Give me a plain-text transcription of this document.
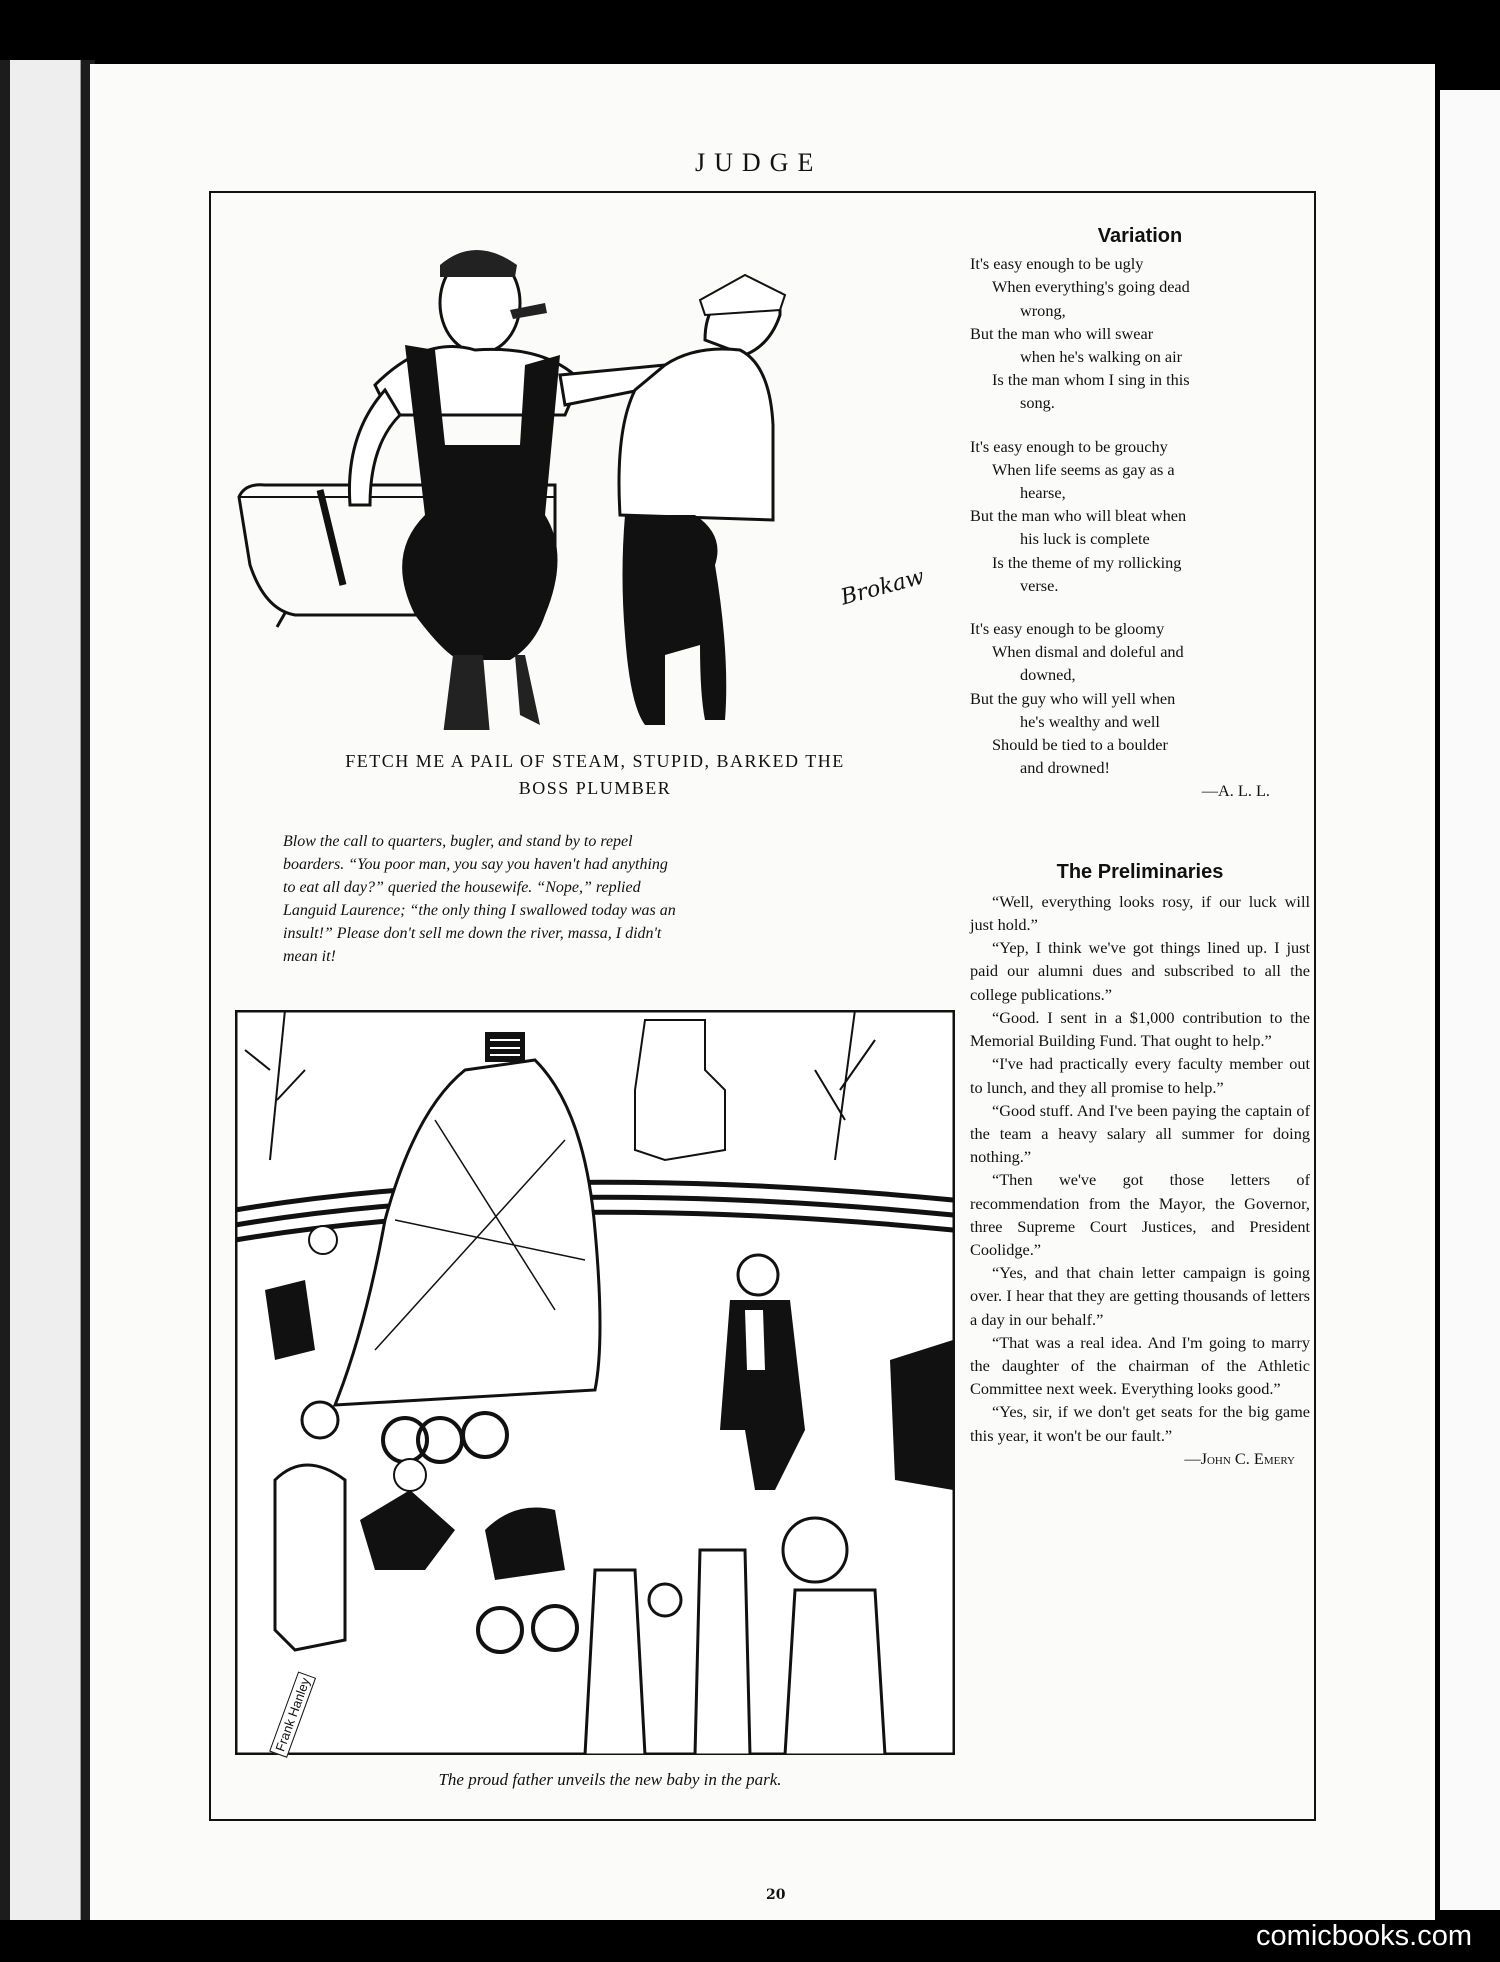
JUDGE
Brokaw
FETCH ME A PAIL OF STEAM, STUPID, BARKED THE
BOSS PLUMBER
Blow the call to quarters, bugler, and stand by to repel
boarders. “You poor man, you say you haven't had anything
to eat all day?” queried the housewife. “Nope,” replied
Languid Laurence; “the only thing I swallowed today was an
insult!” Please don't sell me down the river, massa, I didn't
mean it!
Frank Hanley
The proud father unveils the new baby in the park.
Variation
It's easy enough to be ugly
When everything's going dead
wrong,
But the man who will swear
when he's walking on air
Is the man whom I sing in this
song.
It's easy enough to be grouchy
When life seems as gay as a
hearse,
But the man who will bleat when
his luck is complete
Is the theme of my rollicking
verse.
It's easy enough to be gloomy
When dismal and doleful and
downed,
But the guy who will yell when
he's wealthy and well
Should be tied to a boulder
and drowned!
—A. L. L.
The Preliminaries

“Well, everything looks rosy, if our luck will just hold.”

“Yep, I think we've got things lined up. I just paid our alumni dues and subscribed to all the college publications.”

“Good. I sent in a $1,000 contribution to the Memorial Building Fund. That ought to help.”

“I've had practically every faculty member out to lunch, and they all promise to help.”

“Good stuff. And I've been paying the captain of the team a heavy salary all summer for doing nothing.”

“Then we've got those letters of recommendation from the Mayor, the Governor, three Supreme Court Justices, and President Coolidge.”

“Yes, and that chain letter campaign is going over. I hear that they are getting thousands of letters a day in our behalf.”

“That was a real idea. And I'm going to marry the daughter of the chairman of the Athletic Committee next week. Everything looks good.”

“Yes, sir, if we don't get seats for the big game this year, it won't be our fault.”

—John C. Emery
20
comicbooks.com
